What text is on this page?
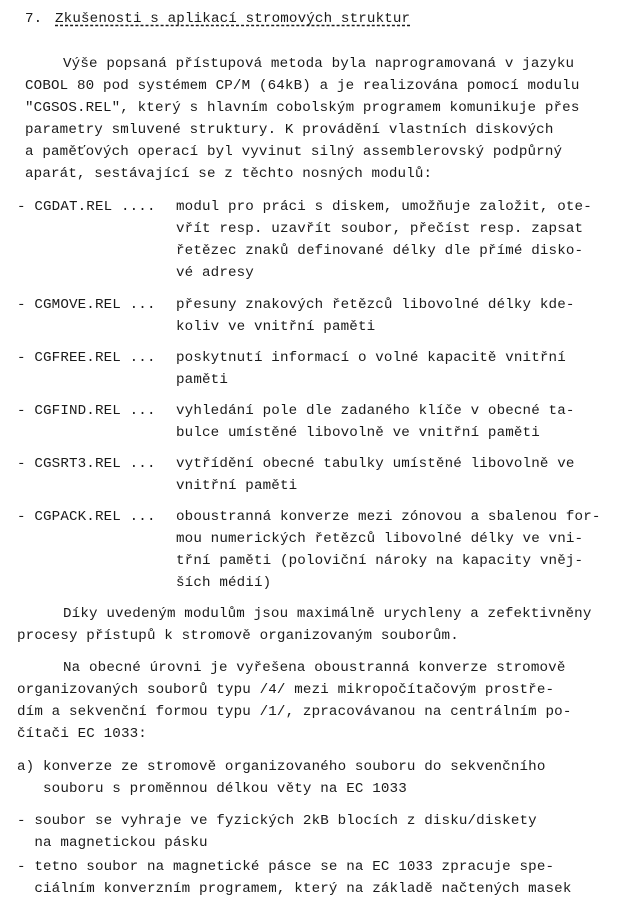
7. Zkušenosti s aplikací stromových struktur
Výše popsaná přístupová metoda byla naprogramovaná v jazyku
COBOL 80 pod systémem CP/M (64kB) a je realizována pomocí modulu
"CGSOS.REL", který s hlavním cobolským programem komunikuje přes
parametry smluvené struktury. K provádění vlastních diskových
a paměťových operací byl vyvinut silný assemblerovský podpůrný
aparát, sestávající se z těchto nosných modulů:
- CGDAT.REL .... modul pro práci s diskem, umožňuje založit, ote-
vřít resp. uzavřít soubor, přečíst resp. zapsat
řetězec znaků definované délky dle přímé disko-
vé adresy
- CGMOVE.REL ... přesuny znakových řetězců libovolné délky kde-
koliv ve vnitřní paměti
- CGFREE.REL ... poskytnutí informací o volné kapacitě vnitřní
paměti
- CGFIND.REL ... vyhledání pole dle zadaného klíče v obecné ta-
bulce umístěné libovolně ve vnitřní paměti
- CGSRT3.REL ... vytřídění obecné tabulky umístěné libovolně ve
vnitřní paměti
- CGPACK.REL ... oboustranná konverze mezi zónovou a sbalenou for-
mou numerických řetězců libovolné délky ve vni-
třní paměti (poloviční nároky na kapacity vněj-
ších médií)
Díky uvedeným modulům jsou maximálně urychleny a zefektivněny
procesy přístupů k stromově organizovaným souborům.
Na obecné úrovni je vyřešena oboustranná konverze stromově
organizovaných souborů typu /4/ mezi mikropočítačovým prostře-
dím a sekvenční formou typu /1/, zpracovávanou na centrálním po-
čítači EC 1033:
a) konverze ze stromově organizovaného souboru do sekvenčního
souboru s proměnnou délkou věty na EC 1033
- soubor se vyhraje ve fyzických 2kB blocích z disku/diskety
na magnetickou pásku
- tetno soubor na magnetické pásce se na EC 1033 zpracuje spe-
ciálním konverzním programem, který na základě načtených masek
